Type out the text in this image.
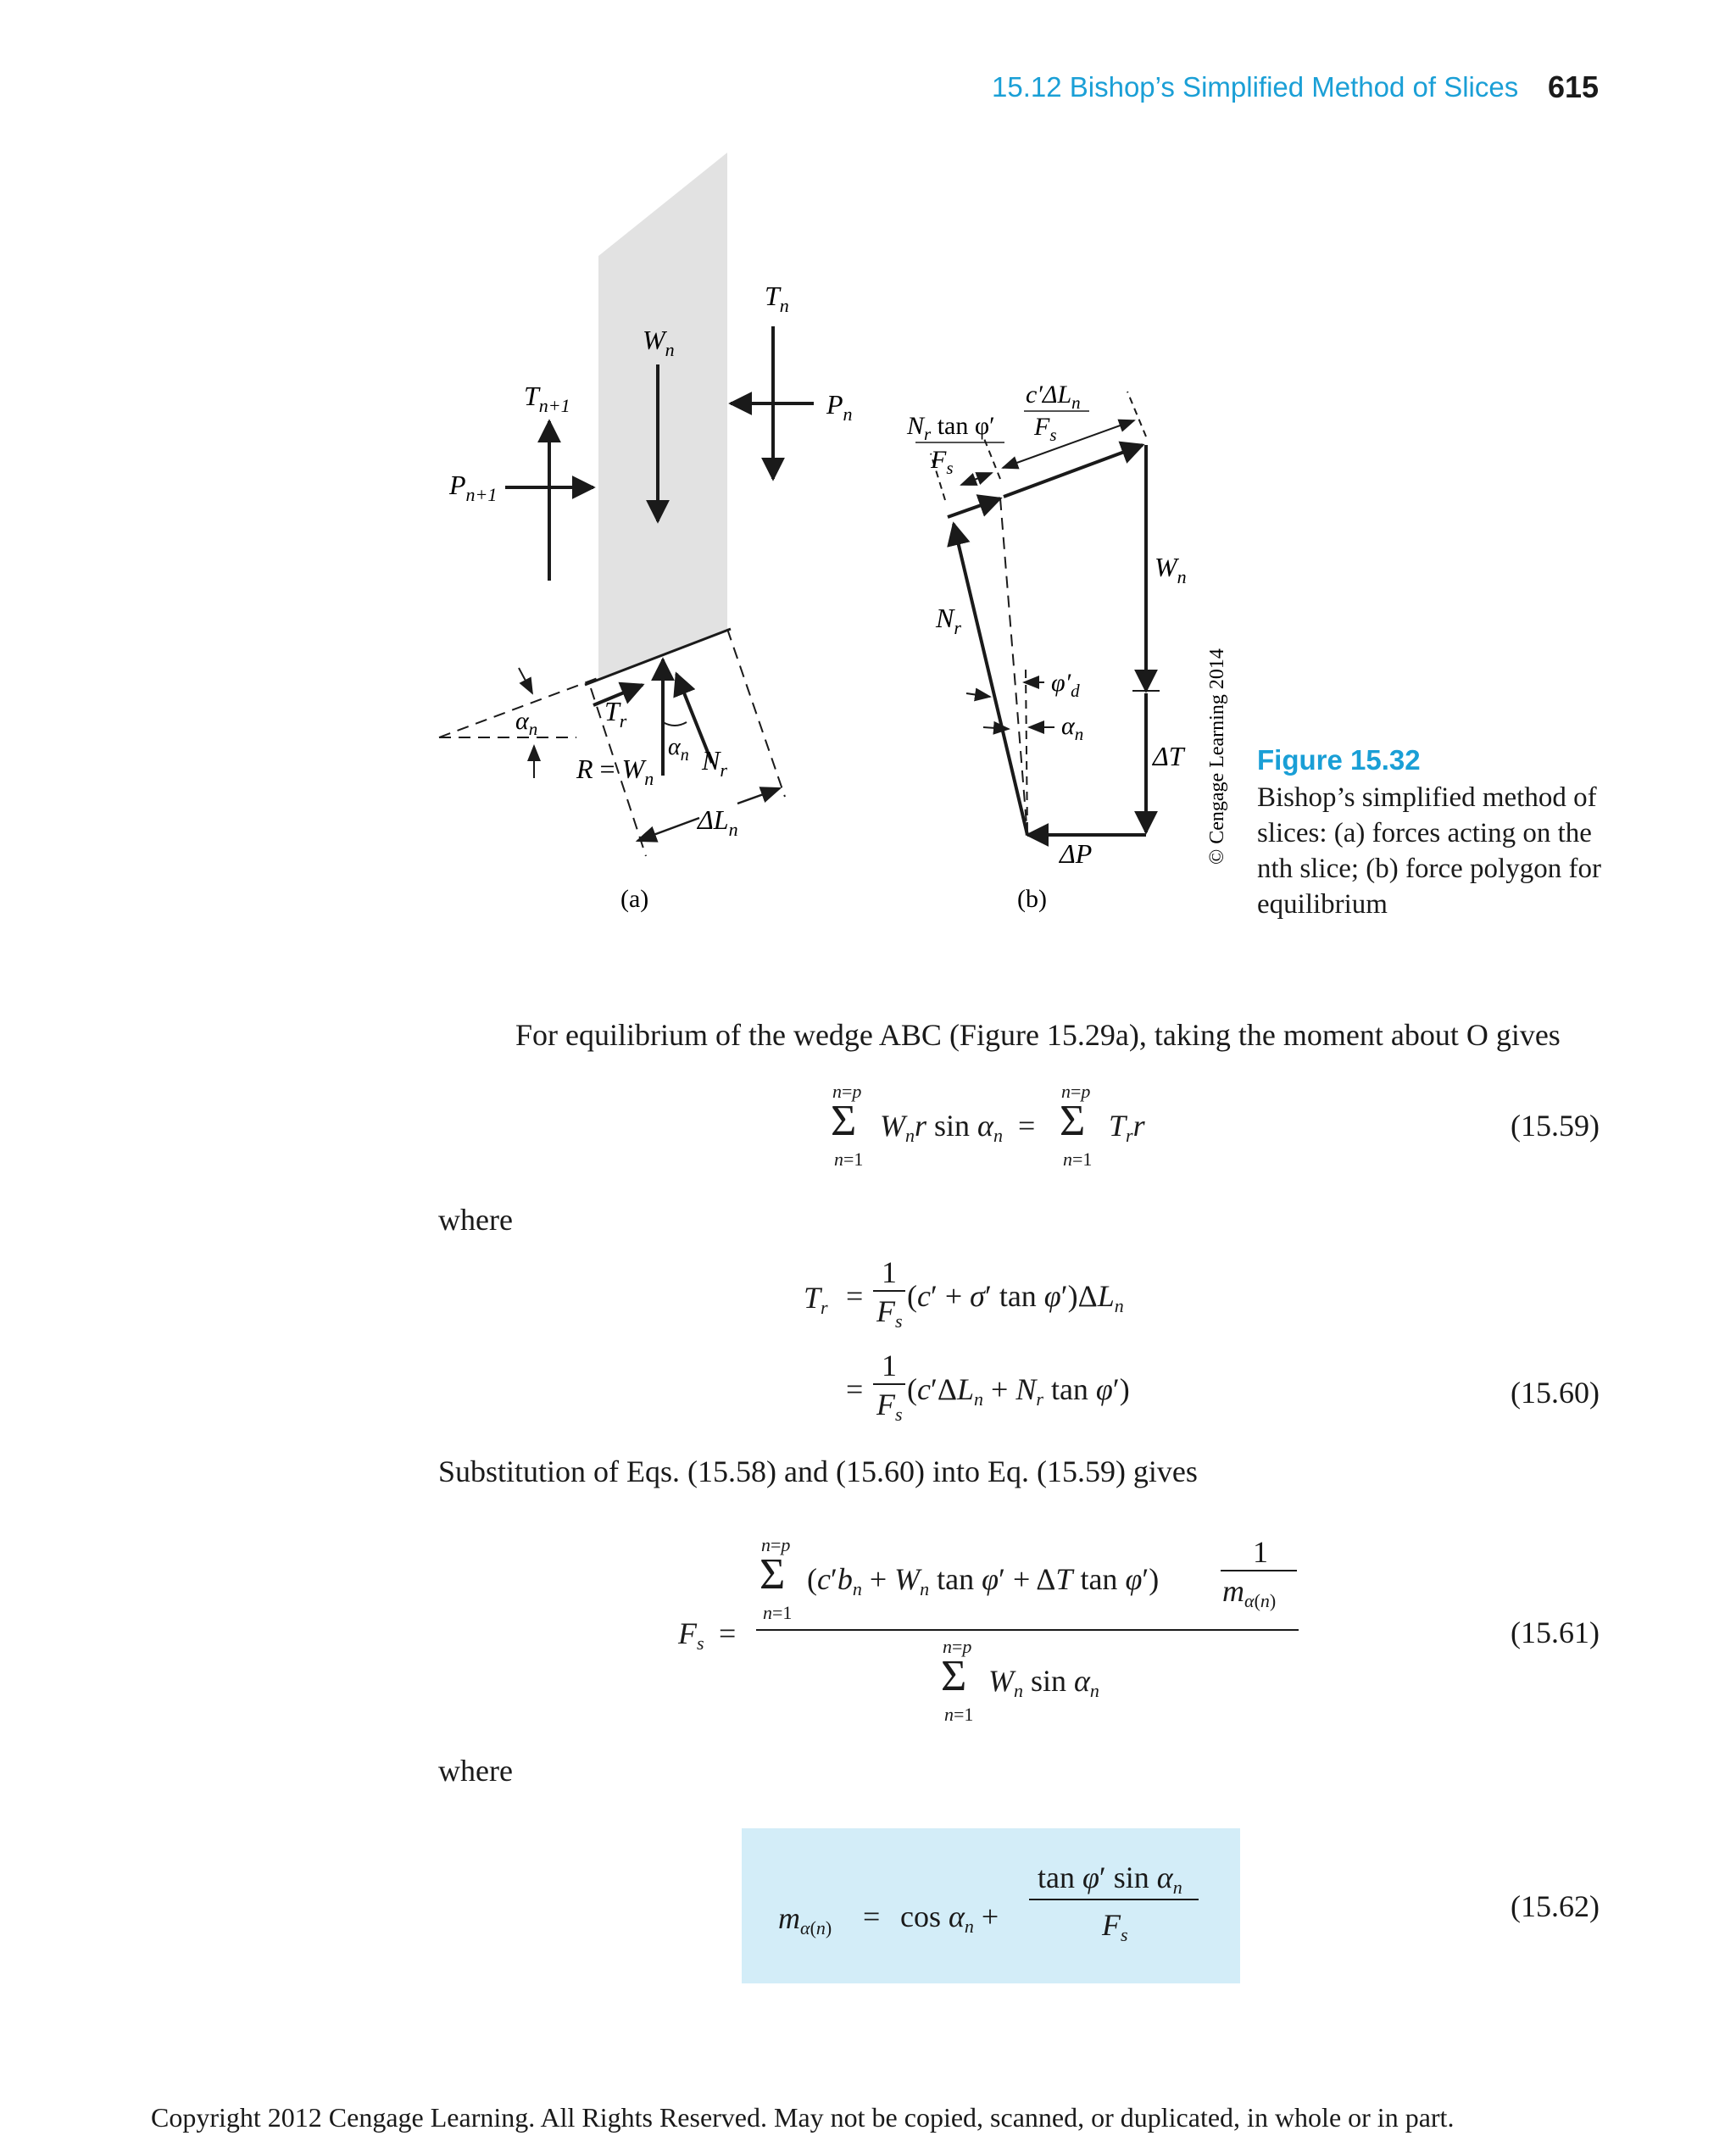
15.12 Bishop’s Simplified Method of Slices 615
$T_n$
$W_n$
$T_{n+1}$	$P_n$
$P_{n+1}$
$\alpha_n$
$T_r$
$R = W_n$
$\alpha_n$ $N_r$
$\Delta L_n$
(a)
$N_r$ tan φ′
$F_s$
$c'\Delta L_n$
$F_s$
$W_n$
$N_r$
$\varphi'_d$
$\alpha_n$
ΔT
ΔP
(b)
© Cengage Learning 2014 Figure 15.32
Bishop’s simplified method of slices: (a) forces acting on the nth slice; (b) force polygon for equilibrium
For equilibrium of the wedge ABC (Figure 15.29a), taking the moment about O gives
n=p
Σ
n=1
$W_nr$ $\sin \alpha_n$  =
n=p
Σ
n=1
$T_rr$	(15.59)
where
$T_r$ =
1
$F_s$
(c′ + σ′ $\tan \varphi')\Delta L_n$
=
1
$F_s$
($c'\Delta L_n + N_r$ tan φ′)	(15.60)
Substitution of Eqs. (15.58) and (15.60) into Eq. (15.59) gives
$F_s$ =
n=p
Σ
n=1
($c'b_n + W_n$ tan φ′ + ΔT tan φ′)
1
$m_{\alpha(n)}$
n=p
Σ
n=1
$W_n$ $\sin \alpha_n$
(15.61)
where
$m_{\alpha(n)} = \cos \alpha_n$ +
tan φ′ $\sin \alpha_n$
$F_s$
(15.62)
Copyright 2012 Cengage Learning. All Rights Reserved. May not be copied, scanned, or duplicated, in whole or in part.
